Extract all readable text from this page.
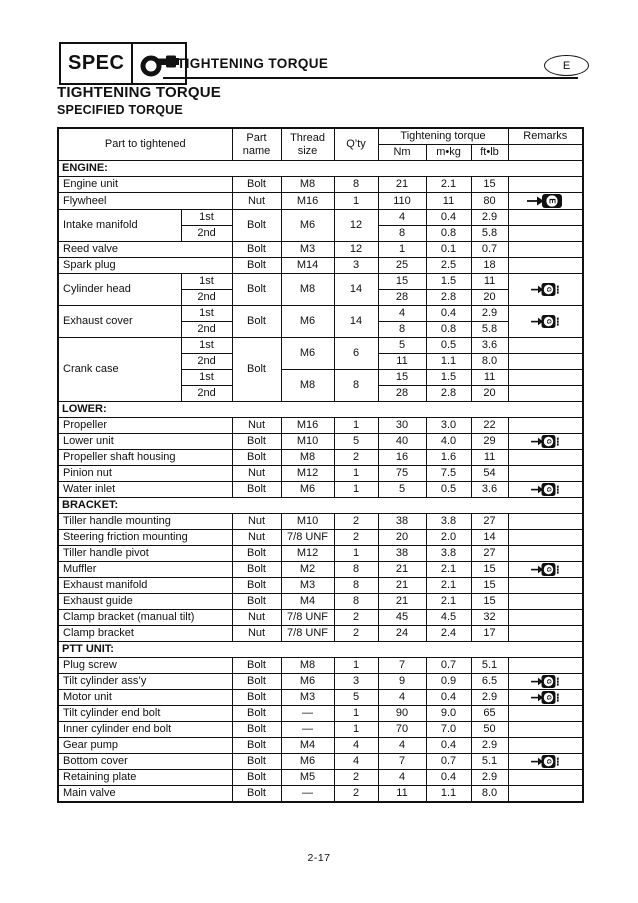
SPEC	TIGHTENING TORQUE	E
TIGHTENING TORQUE
SPECIFIED TORQUE
Part to tightened		Part name	Thread size	Q’ty	Tightening torque			Remarks
					Nm	m•kg	ft•lb	
ENGINE:								
Engine unit		Bolt	M8	8	21	2.1	15	
Flywheel		Nut	M16	1	110	11	80	E

Intake manifold	1st	Bolt	M6	12	4	0.4	2.9	
	2nd				8	0.8	5.8	
Reed valve		Bolt	M3	12	1	0.1	0.7	
Spark plug		Bolt	M14	3	25	2.5	18	
Cylinder head	1st	Bolt	M8	14	15	1.5	11	G

	2nd				28	2.8	20	
Exhaust cover	1st	Bolt	M6	14	4	0.4	2.9	G

	2nd				8	0.8	5.8	
Crank case	1st	Bolt	M6	6	5	0.5	3.6	
	2nd				11	1.1	8.0	
	1st		M8	8	15	1.5	11	
	2nd				28	2.8	20	
LOWER:								
Propeller		Nut	M16	1	30	3.0	22	
Lower unit		Bolt	M10	5	40	4.0	29	G

Propeller shaft housing		Bolt	M8	2	16	1.6	11	
Pinion nut		Nut	M12	1	75	7.5	54	
Water inlet		Bolt	M6	1	5	0.5	3.6	G

BRACKET:								
Tiller handle mounting		Nut	M10	2	38	3.8	27	
Steering friction mounting		Nut	7/8 UNF	2	20	2.0	14	
Tiller handle pivot		Bolt	M12	1	38	3.8	27	
Muffler		Bolt	M2	8	21	2.1	15	G

Exhaust manifold		Bolt	M3	8	21	2.1	15	
Exhaust guide		Bolt	M4	8	21	2.1	15	
Clamp bracket (manual tilt)		Nut	7/8 UNF	2	45	4.5	32	
Clamp bracket		Nut	7/8 UNF	2	24	2.4	17	
PTT UNIT:								
Plug screw		Bolt	M8	1	7	0.7	5.1	
Tilt cylinder ass’y		Bolt	M6	3	9	0.9	6.5	G

Motor unit		Bolt	M3	5	4	0.4	2.9	G

Tilt cylinder end bolt		Bolt	—	1	90	9.0	65	
Inner cylinder end bolt		Bolt	—	1	70	7.0	50	
Gear pump		Bolt	M4	4	4	0.4	2.9	
Bottom cover		Bolt	M6	4	7	0.7	5.1	G

Retaining plate		Bolt	M5	2	4	0.4	2.9	
Main valve		Bolt	—	2	11	1.1	8.0	
2-17
